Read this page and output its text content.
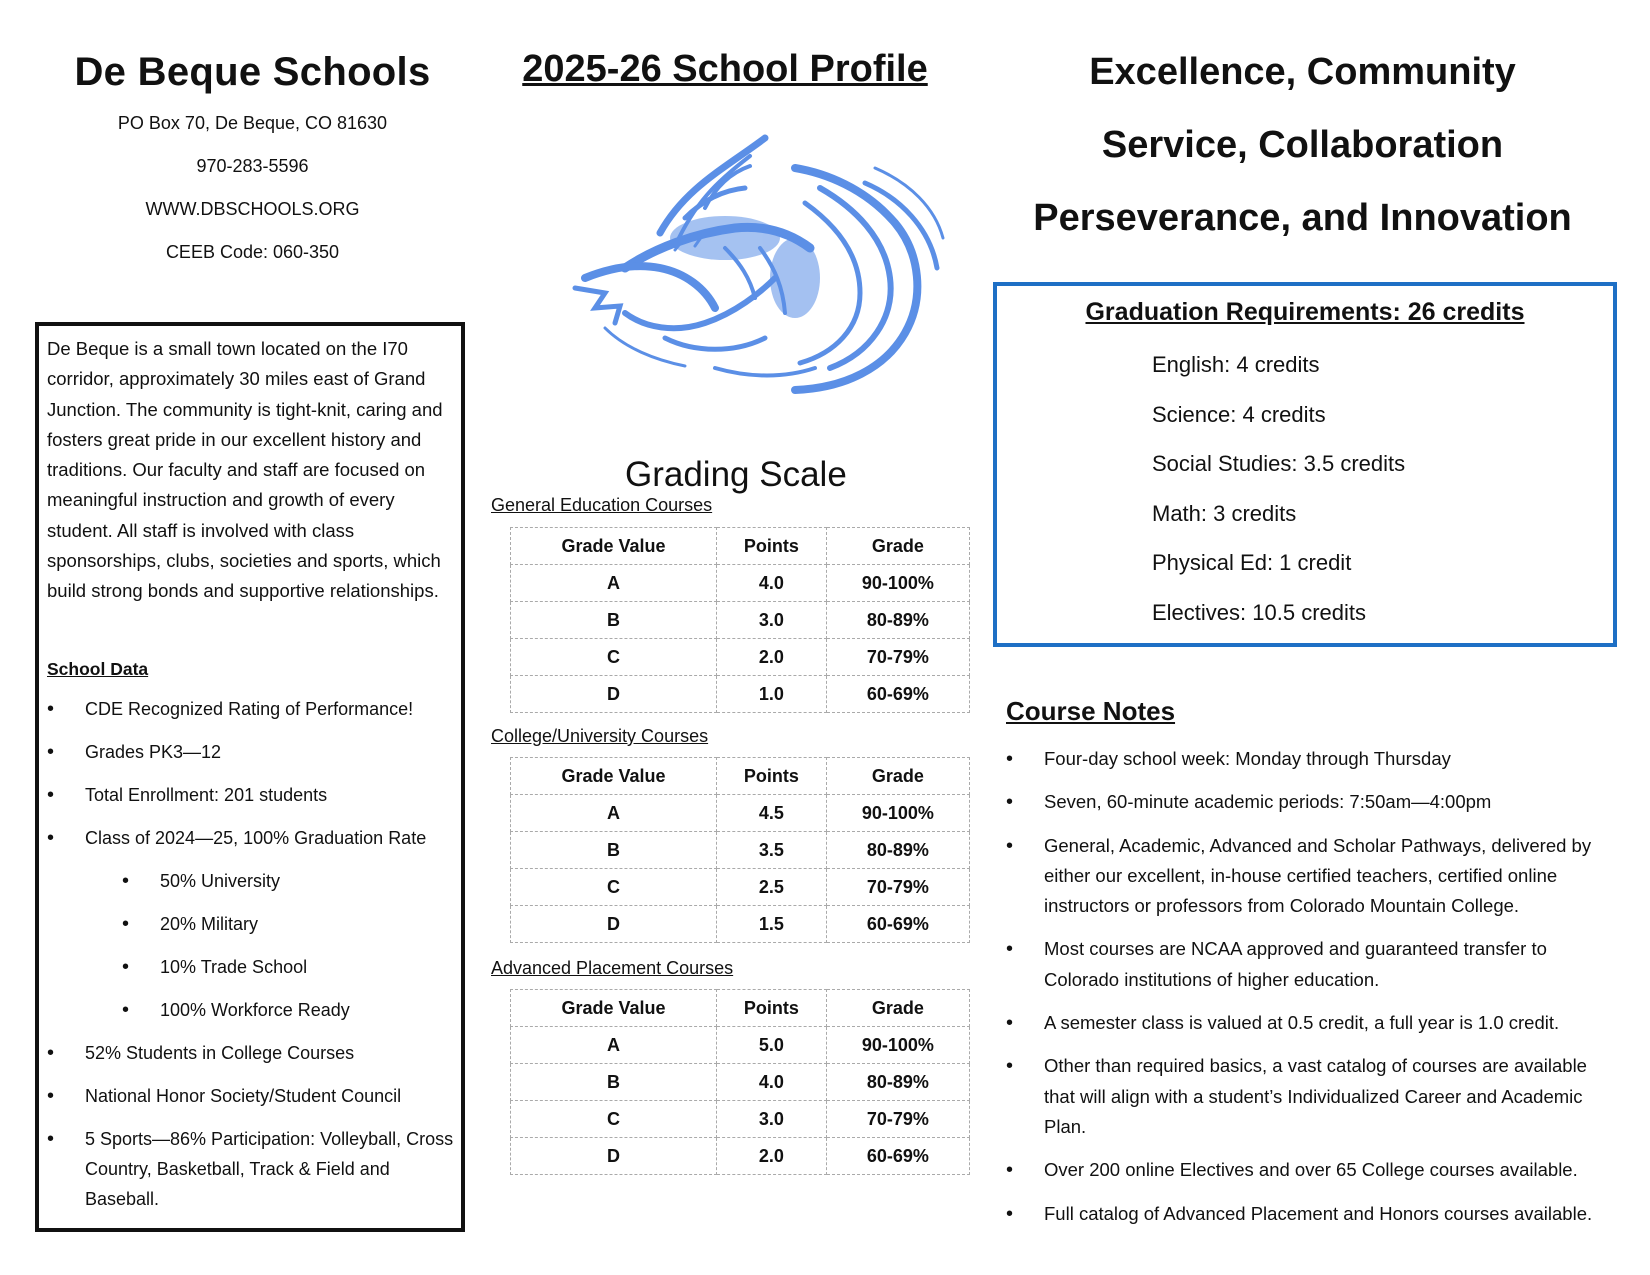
De Beque Schools
PO Box 70, De Beque, CO 81630
970-283-5596
WWW.DBSCHOOLS.ORG
CEEB Code: 060-350

De Beque is a small town located on the I70 corridor, approximately 30 miles east of Grand Junction. The community is tight-knit, caring and fosters great pride in our excellent history and traditions. Our faculty and staff are focused on meaningful instruction and growth of every student. All staff is involved with class sponsorships, clubs, societies and sports, which build strong bonds and supportive relationships.

School Data
• CDE Recognized Rating of Performance!
• Grades PK3—12
• Total Enrollment: 201 students
• Class of 2024—25, 100% Graduation Rate
• 50% University
• 20% Military
• 10% Trade School
• 100% Workforce Ready
• 52% Students in College Courses
• National Honor Society/Student Council
• 5 Sports—86% Participation: Volleyball, Cross Country, Basketball, Track & Field and Baseball.
2025-26 School Profile
Grading Scale
General Education Courses
Grade Value	Points	Grade
A	4.0	90-100%
B	3.0	80-89%
C	2.0	70-79%
D	1.0	60-69%
College/University Courses
Grade Value	Points	Grade
A	4.5	90-100%
B	3.5	80-89%
C	2.5	70-79%
D	1.5	60-69%
Advanced Placement Courses
Grade Value	Points	Grade
A	5.0	90-100%
B	4.0	80-89%
C	3.0	70-79%
D	2.0	60-69%
Excellence, Community
Service, Collaboration
Perseverance, and Innovation
Graduation Requirements: 26 credits
English: 4 credits
Science: 4 credits
Social Studies: 3.5 credits
Math: 3 credits
Physical Ed: 1 credit
Electives: 10.5 credits
Course Notes
• Four-day school week: Monday through Thursday
• Seven, 60-minute academic periods: 7:50am—4:00pm
• General, Academic, Advanced and Scholar Pathways, delivered by either our excellent, in-house certified teachers, certified online instructors or professors from Colorado Mountain College.
• Most courses are NCAA approved and guaranteed transfer to Colorado institutions of higher education.
• A semester class is valued at 0.5 credit, a full year is 1.0 credit.
• Other than required basics, a vast catalog of courses are available that will align with a student’s Individualized Career and Academic Plan.
• Over 200 online Electives and over 65 College courses available.
• Full catalog of Advanced Placement and Honors courses available.
